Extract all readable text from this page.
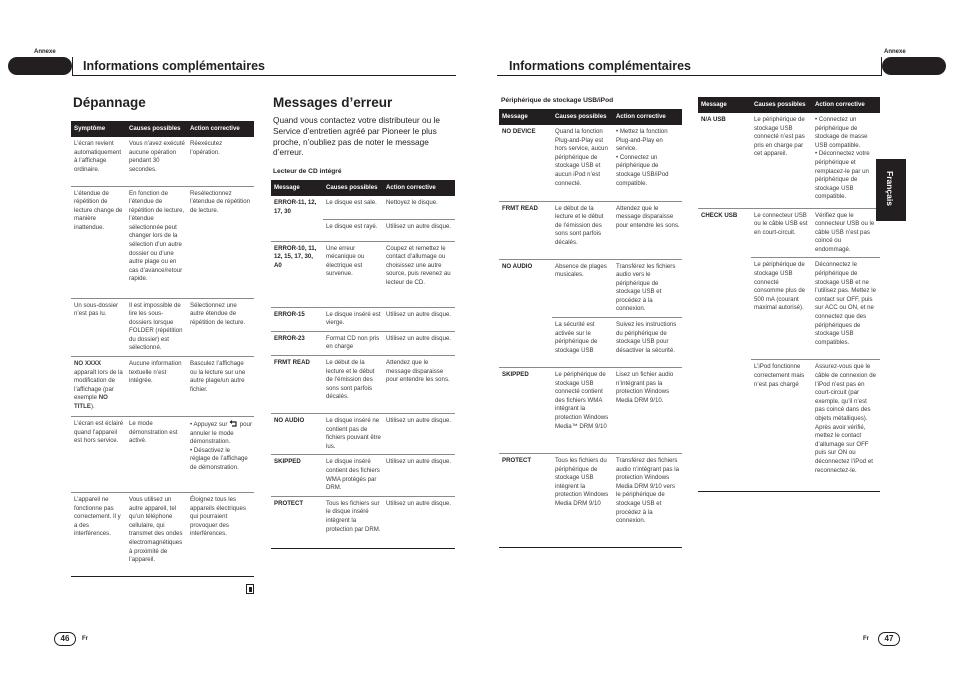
Annexe	Annexe
Informations complémentaires	Informations complémentaires
Dépannage
Symptôme	Causes possibles	Action corrective
L’écran revient automatiquement à l’affichage ordinaire.	Vous n’avez exécuté aucune opération pendant 30 secondes.	Réexécutez l’opération.
L’étendue de répétition de lecture change de manière inattendue.	En fonction de l’étendue de répétition de lecture, l’étendue sélectionnée peut changer lors de la sélection d’un autre dossier ou d’une autre plage ou en cas d’avance/retour rapide.	Resélectionnez l’étendue de répétition de lecture.
Un sous-dossier n’est pas lu.	Il est impossible de lire les sous-dossiers lorsque FOLDER (répétition du dossier) est sélectionné.	Sélectionnez une autre étendue de répétition de lecture.
NO XXXX apparaît lors de la modification de l’affichage (par exemple NO TITLE).	Aucune information textuelle n’est intégrée.	Basculez l’affichage ou la lecture sur une autre plage/un autre fichier.
L’écran est éclairé quand l’appareil est hors service.	Le mode démonstration est activé.	• Appuyez sur pour annuler le mode démonstration.
• Désactivez le réglage de l’affichage de démonstration.
L’appareil ne fonctionne pas correctement. Il y a des interférences.	Vous utilisez un autre appareil, tel qu’un téléphone cellulaire, qui transmet des ondes électromagnétiques à proximité de l’appareil.	Éloignez tous les appareils électriques qui pourraient provoquer des interférences.
Messages d’erreur
Quand vous contactez votre distributeur ou le Service d’entretien agréé par Pioneer le plus proche, n’oubliez pas de noter le message d’erreur.
Lecteur de CD intégré
Message	Causes possibles	Action corrective
ERROR-11, 12, 17, 30	Le disque est sale.	Nettoyez le disque.
	Le disque est rayé.	Utilisez un autre disque.
ERROR-10, 11, 12, 15, 17, 30, A0	Une erreur mécanique ou électrique est survenue.	Coupez et remettez le contact d’allumage ou choisissez une autre source, puis revenez au lecteur de CD.
ERROR-15	Le disque inséré est vierge.	Utilisez un autre disque.
ERROR-23	Format CD non pris en charge	Utilisez un autre disque.
FRMT READ	Le début de la lecture et le début de l’émission des sons sont parfois décalés.	Attendez que le message disparaisse pour entendre les sons.
NO AUDIO	Le disque inséré ne contient pas de fichiers pouvant être lus.	Utilisez un autre disque.
SKIPPED	Le disque inséré contient des fichiers WMA protégés par DRM.	Utilisez un autre disque.
PROTECT	Tous les fichiers sur le disque inséré intègrent la protection par DRM.	Utilisez un autre disque.
Périphérique de stockage USB/iPod
Message	Causes possibles	Action corrective
NO DEVICE	Quand la fonction Plug-and-Play est hors service, aucun périphérique de stockage USB et aucun iPod n’est connecté.	• Mettez la fonction Plug-and-Play en service.
• Connectez un périphérique de stockage USB/iPod compatible.
FRMT READ	Le début de la lecture et le début de l’émission des sons sont parfois décalés.	Attendez que le message disparaisse pour entendre les sons.
NO AUDIO	Absence de plages musicales.	Transférez les fichiers audio vers le périphérique de stockage USB et procédez à la connexion.
	La sécurité est activée sur le périphérique de stockage USB	Suivez les instructions du périphérique de stockage USB pour désactiver la sécurité.
SKIPPED	Le périphérique de stockage USB connecté contient des fichiers WMA intégrant la protection Windows Media™ DRM 9/10	Lisez un fichier audio n’intégrant pas la protection Windows Media DRM 9/10.
PROTECT	Tous les fichiers du périphérique de stockage USB intègrent la protection Windows Media DRM 9/10	Transférez des fichiers audio n’intégrant pas la protection Windows Media DRM 9/10 vers le périphérique de stockage USB et procédez à la connexion.
Message	Causes possibles	Action corrective
N/A USB	Le périphérique de stockage USB connecté n’est pas pris en charge par cet appareil.	• Connectez un périphérique de stockage de masse USB compatible.
• Déconnectez votre périphérique et remplacez-le par un périphérique de stockage USB compatible.
CHECK USB	Le connecteur USB ou le câble USB est en court-circuit.	Vérifiez que le connecteur USB ou le câble USB n’est pas coincé ou endommagé.
	Le périphérique de stockage USB connecté consomme plus de 500 mA (courant maximal autorisé).	Déconnectez le périphérique de stockage USB et ne l’utilisez pas. Mettez le contact sur OFF, puis sur ACC ou ON, et ne connectez que des périphériques de stockage USB compatibles.
	L’iPod fonctionne correctement mais n’est pas chargé	Assurez-vous que le câble de connexion de l’iPod n’est pas en court-circuit (par exemple, qu’il n’est pas coincé dans des objets métalliques). Après avoir vérifié, mettez le contact d’allumage sur OFF puis sur ON ou déconnectez l’iPod et reconnectez-le.
Français
46	Fr	Fr	47
